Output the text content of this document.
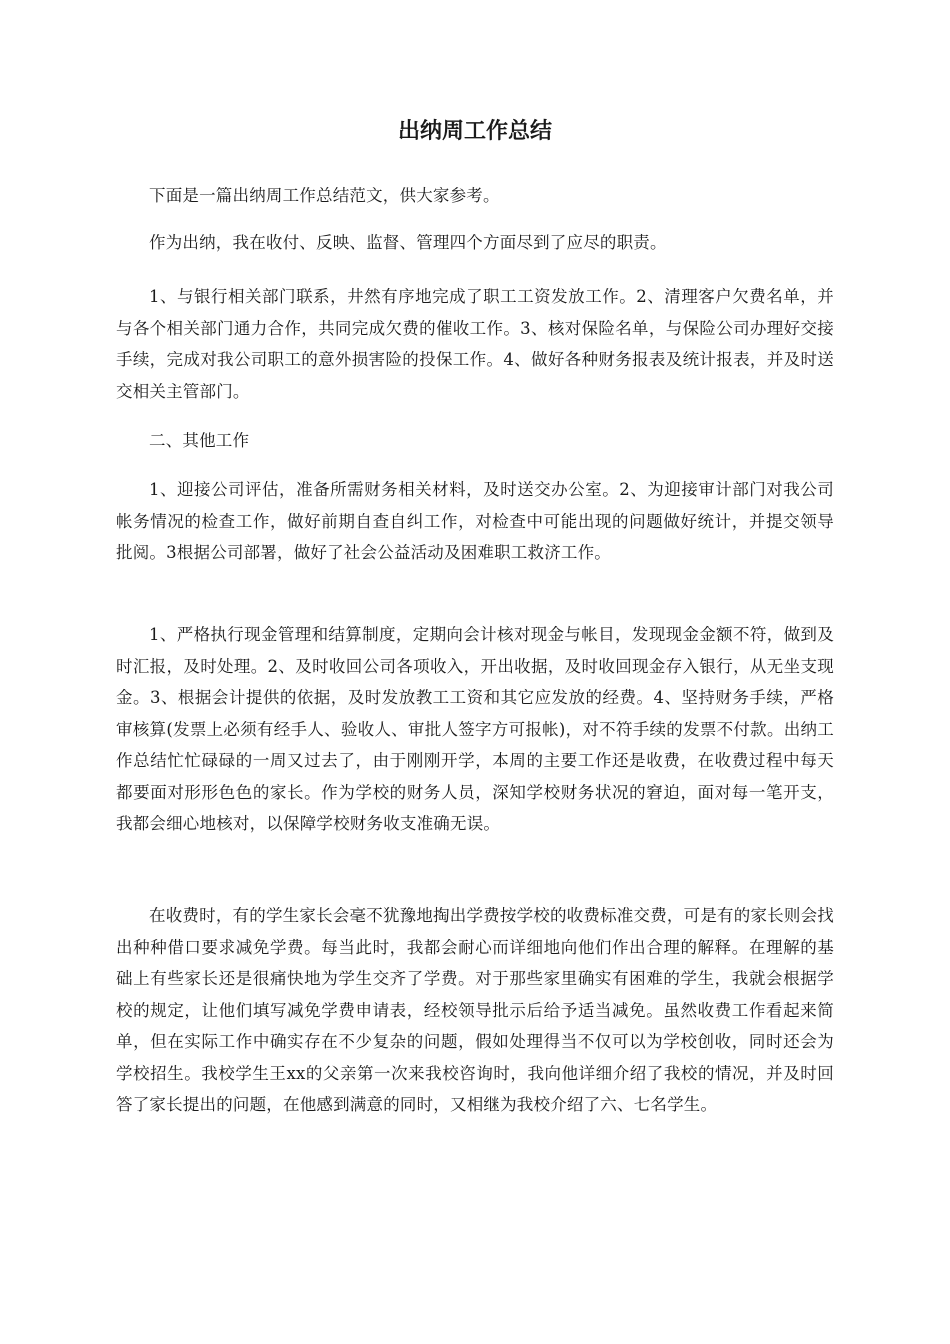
出纳周工作总结

下面是一篇出纳周工作总结范文，供大家参考。

作为出纳，我在收付、反映、监督、管理四个方面尽到了应尽的职责。

1、与银行相关部门联系，井然有序地完成了职工工资发放工作。2、清理客户欠费名单，并与各个相关部门通力合作，共同完成欠费的催收工作。3、核对保险名单，与保险公司办理好交接手续，完成对我公司职工的意外损害险的投保工作。4、做好各种财务报表及统计报表，并及时送交相关主管部门。

二、其他工作

1、迎接公司评估，准备所需财务相关材料，及时送交办公室。2、为迎接审计部门对我公司帐务情况的检查工作，做好前期自查自纠工作，对检查中可能出现的问题做好统计，并提交领导批阅。3根据公司部署，做好了社会公益活动及困难职工救济工作。

1、严格执行现金管理和结算制度，定期向会计核对现金与帐目，发现现金金额不符，做到及时汇报，及时处理。2、及时收回公司各项收入，开出收据，及时收回现金存入银行，从无坐支现金。3、根据会计提供的依据，及时发放教工工资和其它应发放的经费。4、坚持财务手续，严格审核算(发票上必须有经手人、验收人、审批人签字方可报帐)，对不符手续的发票不付款。出纳工作总结忙忙碌碌的一周又过去了，由于刚刚开学，本周的主要工作还是收费，在收费过程中每天都要面对形形色色的家长。作为学校的财务人员，深知学校财务状况的窘迫，面对每一笔开支，我都会细心地核对，以保障学校财务收支准确无误。

在收费时，有的学生家长会毫不犹豫地掏出学费按学校的收费标准交费，可是有的家长则会找出种种借口要求减免学费。每当此时，我都会耐心而详细地向他们作出合理的解释。在理解的基础上有些家长还是很痛快地为学生交齐了学费。对于那些家里确实有困难的学生，我就会根据学校的规定，让他们填写减免学费申请表，经校领导批示后给予适当减免。虽然收费工作看起来简单，但在实际工作中确实存在不少复杂的问题，假如处理得当不仅可以为学校创收，同时还会为学校招生。我校学生王xx的父亲第一次来我校咨询时，我向他详细介绍了我校的情况，并及时回答了家长提出的问题，在他感到满意的同时，又相继为我校介绍了六、七名学生。
